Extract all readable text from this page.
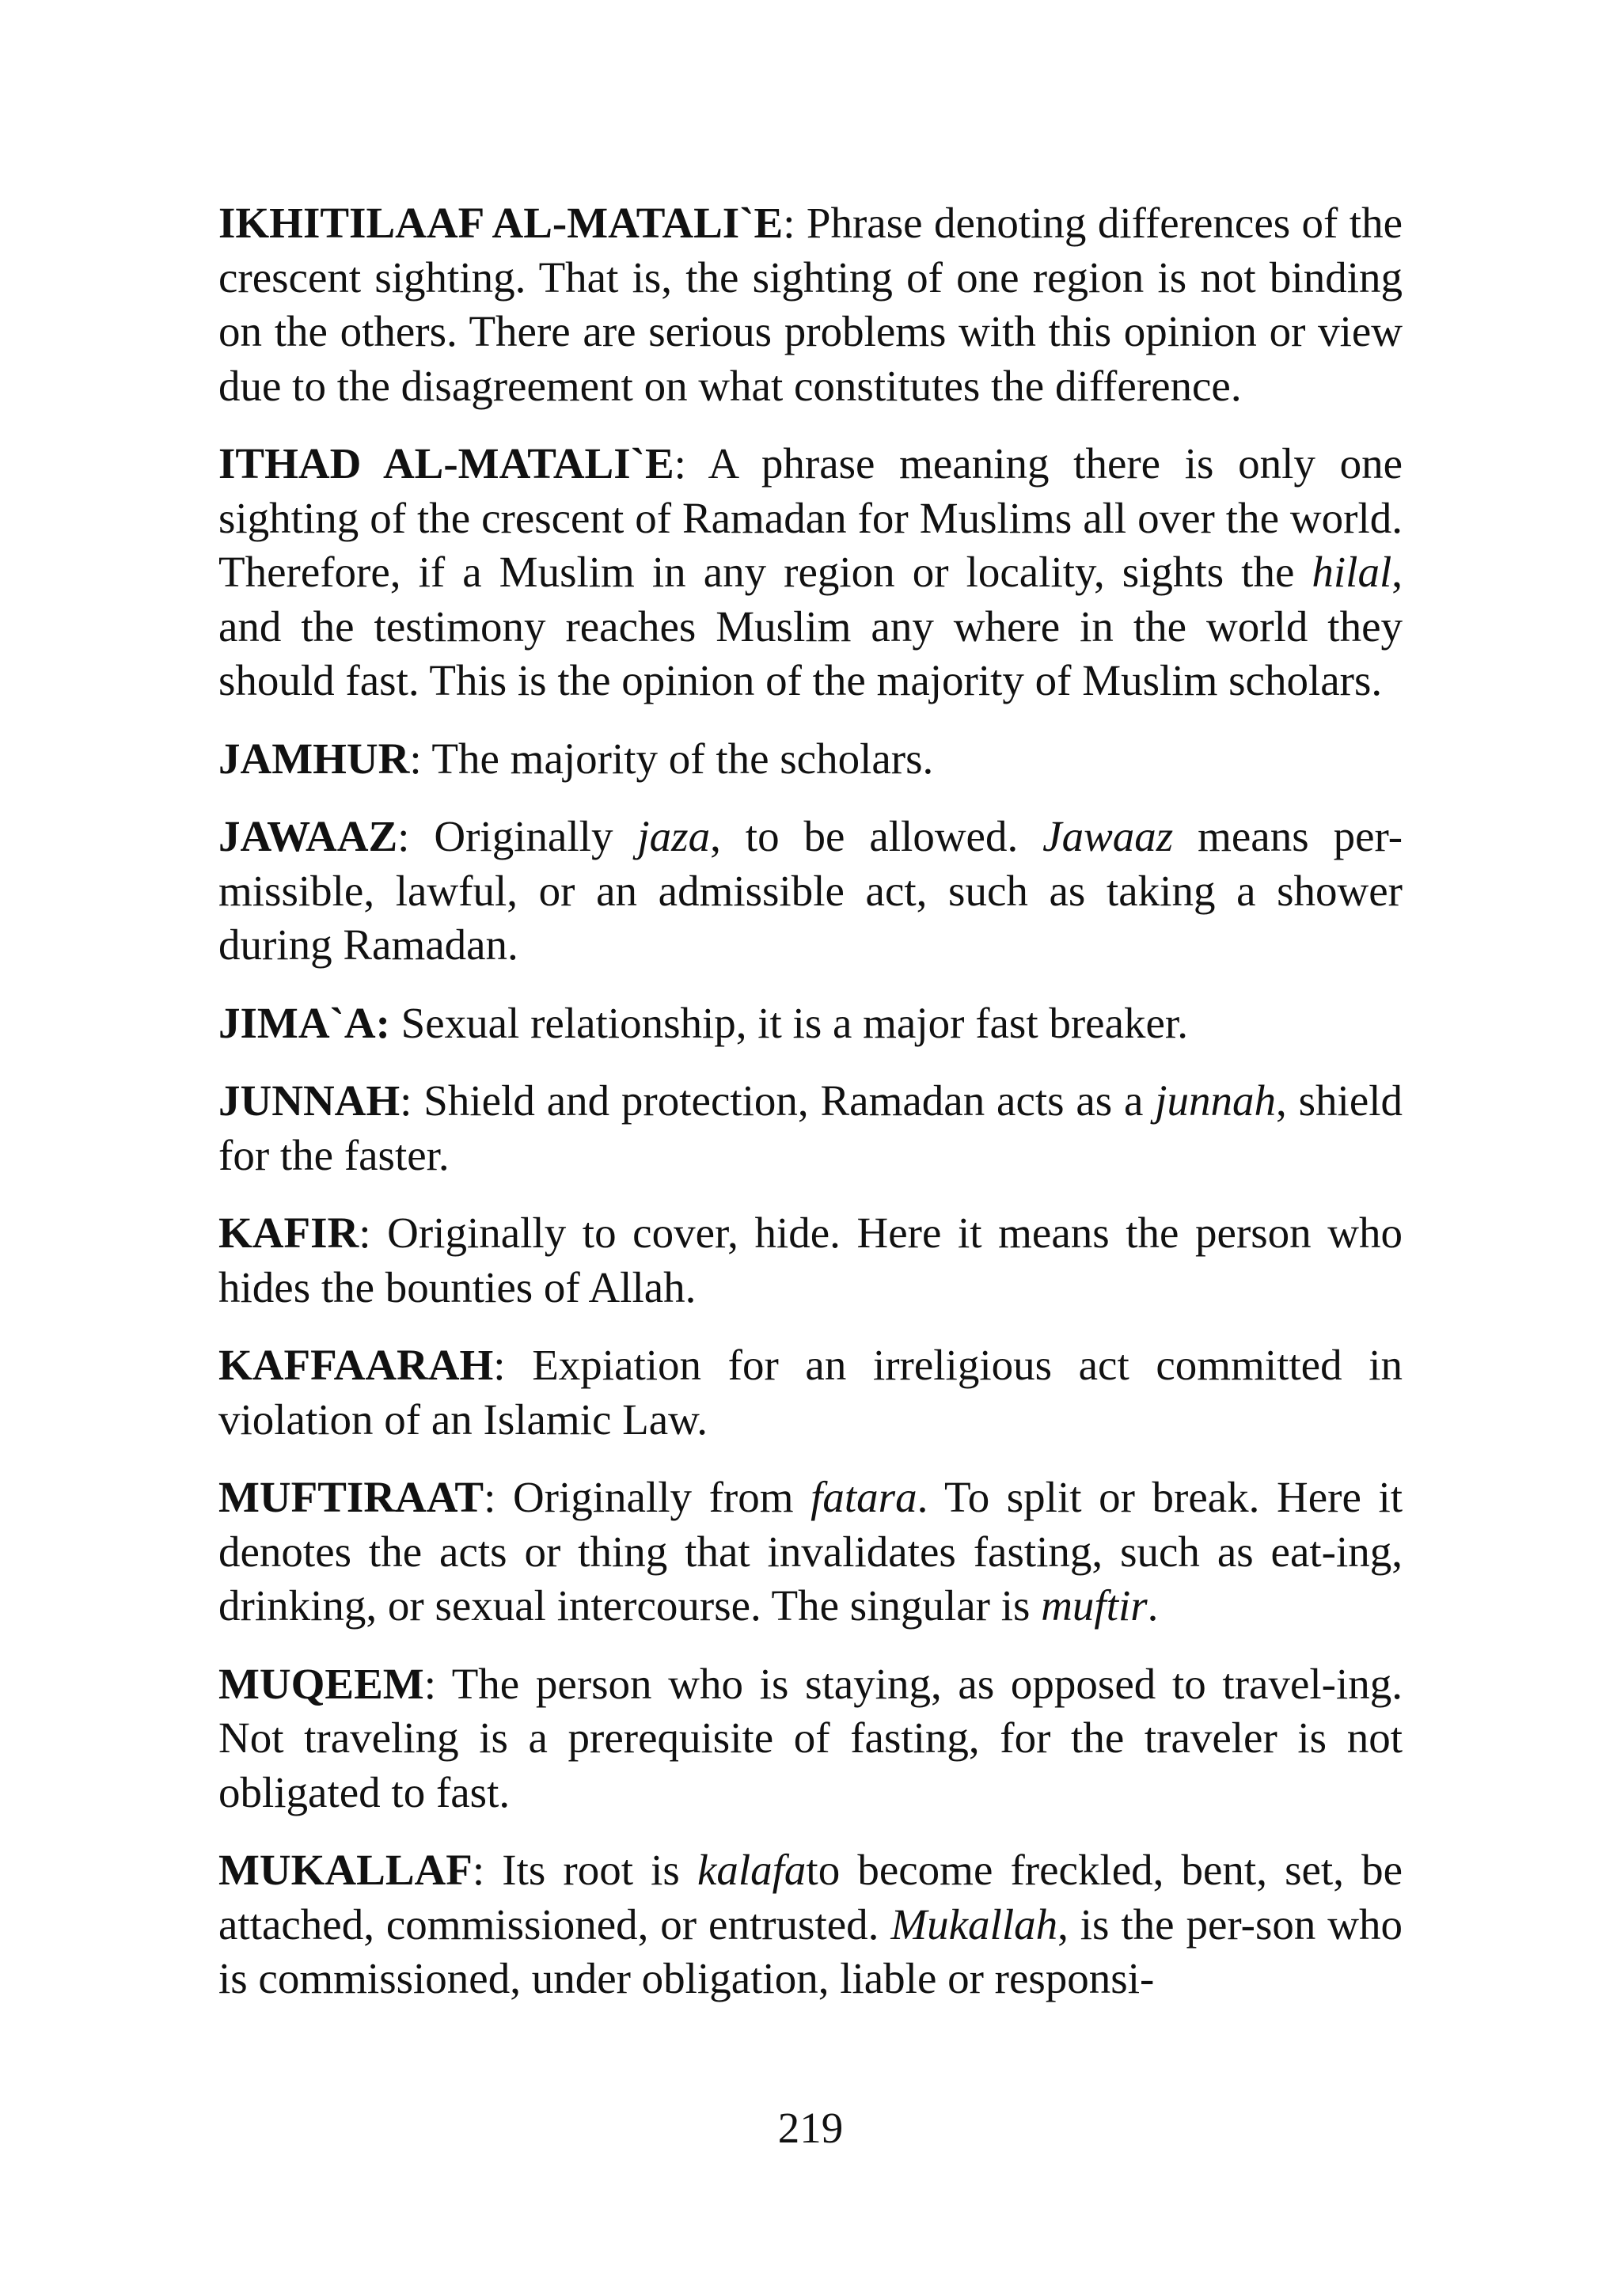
IKHITILAAF AL-MATALI`E: Phrase denoting differences of the crescent sighting. That is, the sighting of one region is not binding on the others. There are serious problems with this opinion or view due to the disagreement on what constitutes the difference.

ITHAD AL-MATALI`E: A phrase meaning there is only one sighting of the crescent of Ramadan for Muslims all over the world. Therefore, if a Muslim in any region or locality, sights the hilal, and the testimony reaches Muslim any where in the world they should fast. This is the opinion of the majority of Muslim scholars.

JAMHUR: The majority of the scholars.

JAWAAZ: Originally jaza, to be allowed. Jawaaz means per-missible, lawful, or an admissible act, such as taking a shower during Ramadan.

JIMA`A: Sexual relationship, it is a major fast breaker.

JUNNAH: Shield and protection, Ramadan acts as a junnah, shield for the faster.

KAFIR: Originally to cover, hide. Here it means the person who hides the bounties of Allah.

KAFFAARAH: Expiation for an irreligious act committed in violation of an Islamic Law.

MUFTIRAAT: Originally from fatara. To split or break. Here it denotes the acts or thing that invalidates fasting, such as eat-ing, drinking, or sexual intercourse. The singular is muftir.

MUQEEM: The person who is staying, as opposed to travel-ing. Not traveling is a prerequisite of fasting, for the traveler is not obligated to fast.

MUKALLAF: Its root is kalafato become freckled, bent, set, be attached, commissioned, or entrusted. Mukallah, is the per-son who is commissioned, under obligation, liable or responsi-

219
